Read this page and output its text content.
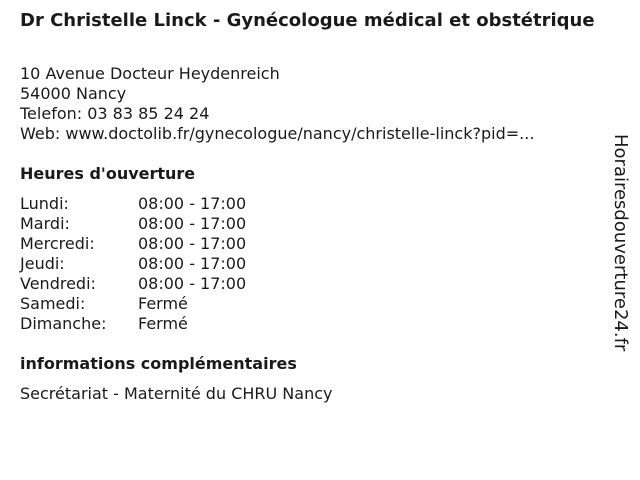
Dr Christelle Linck - Gynécologue médical et obstétrique
10 Avenue Docteur Heydenreich
54000 Nancy
Telefon: 03 83 85 24 24
Web: www.doctolib.fr/gynecologue/nancy/christelle-linck?pid=...
Heures d'ouverture
Lundi:	08:00 - 17:00
Mardi:	08:00 - 17:00
Mercredi:	08:00 - 17:00
Jeudi:	08:00 - 17:00
Vendredi:	08:00 - 17:00
Samedi:	Fermé
Dimanche:	Fermé
informations complémentaires
Secrétariat - Maternité du CHRU Nancy
Horairesdouverture24.fr
